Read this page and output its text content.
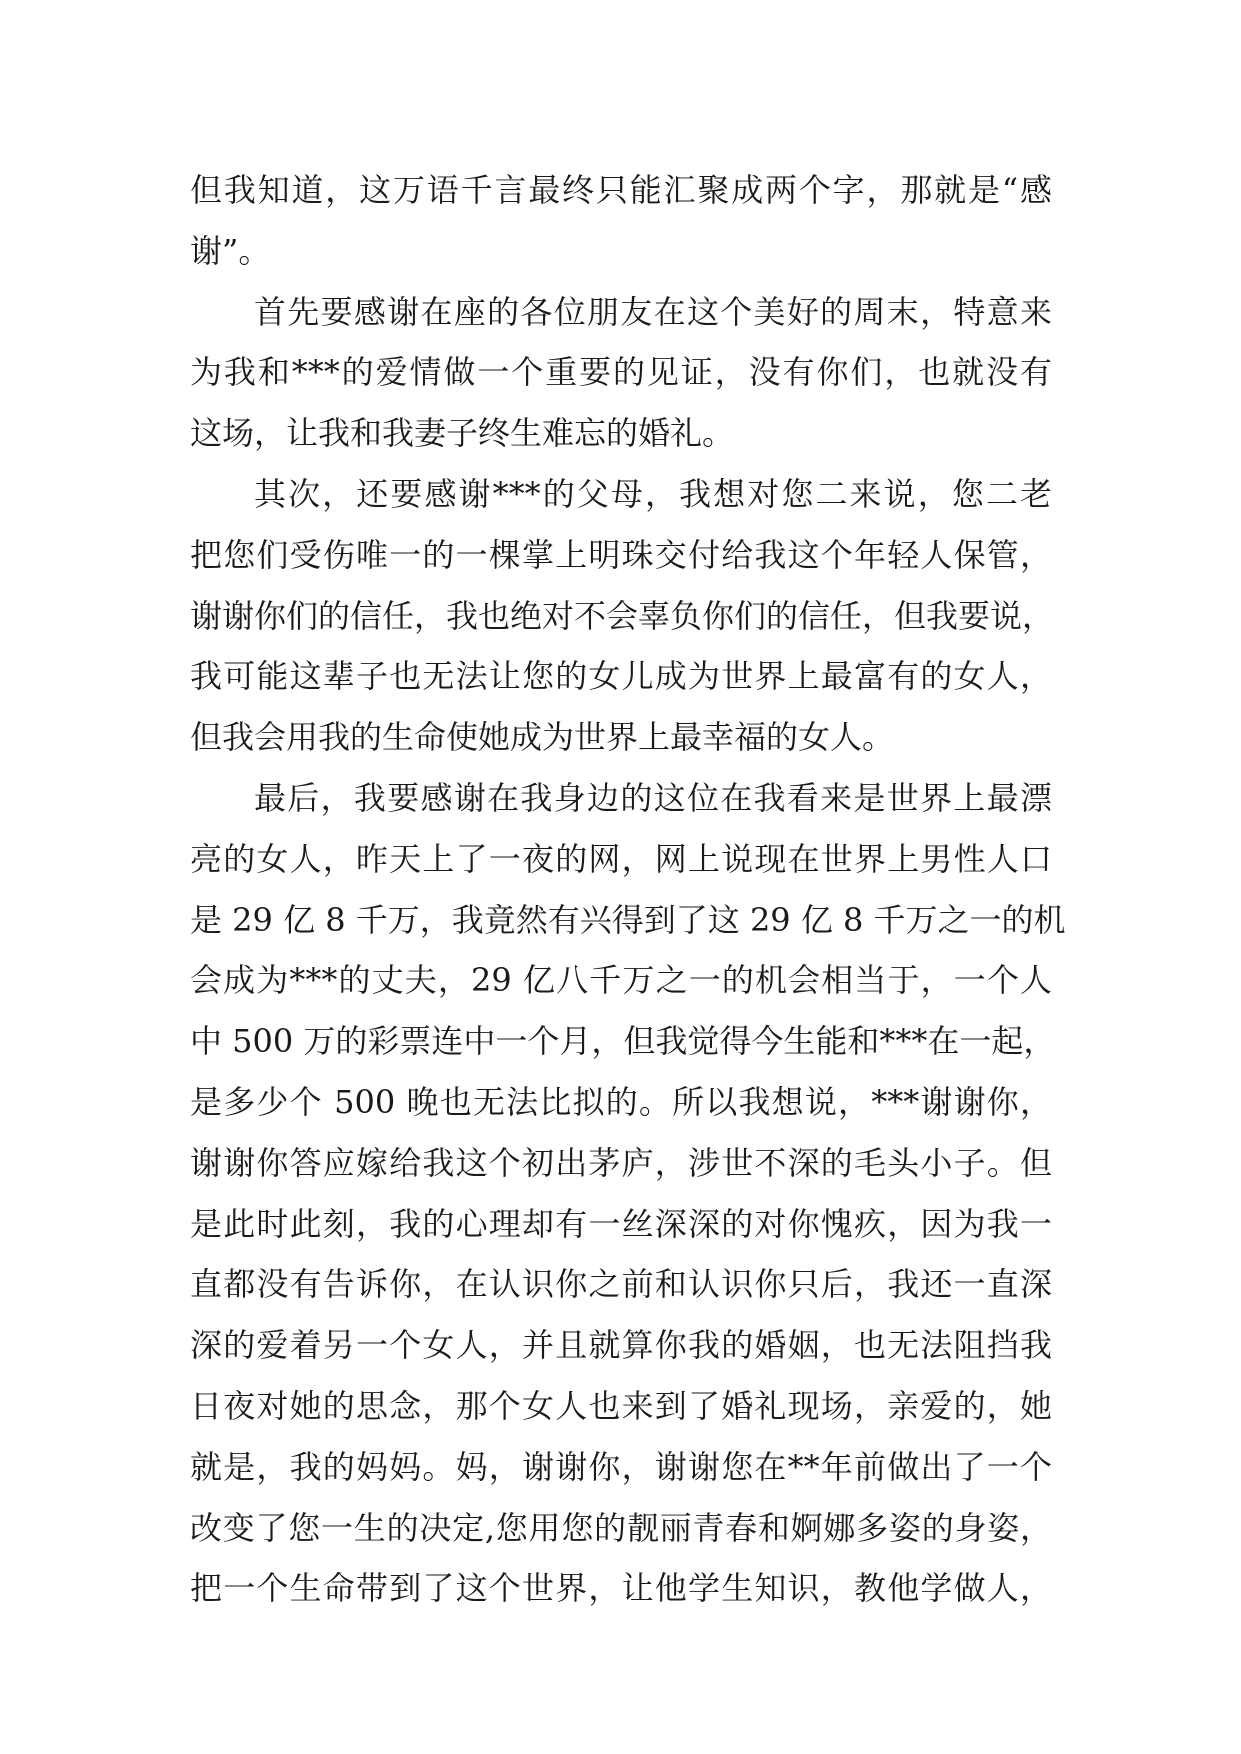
但我知道，这万语千言最终只能汇聚成两个字，那就是“感
谢”。
首先要感谢在座的各位朋友在这个美好的周末，特意来
为我和***的爱情做一个重要的见证，没有你们，也就没有
这场，让我和我妻子终生难忘的婚礼。
其次，还要感谢***的父母，我想对您二来说，您二老
把您们受伤唯一的一棵掌上明珠交付给我这个年轻人保管，
谢谢你们的信任，我也绝对不会辜负你们的信任，但我要说，
我可能这辈子也无法让您的女儿成为世界上最富有的女人，
但我会用我的生命使她成为世界上最幸福的女人。
最后，我要感谢在我身边的这位在我看来是世界上最漂
亮的女人，昨天上了一夜的网，网上说现在世界上男性人口
是 29 亿 8 千万，我竟然有兴得到了这 29 亿 8 千万之一的机
会成为***的丈夫，29 亿八千万之一的机会相当于，一个人
中 500 万的彩票连中一个月，但我觉得今生能和***在一起，
是多少个 500 晚也无法比拟的。所以我想说，***谢谢你，
谢谢你答应嫁给我这个初出茅庐，涉世不深的毛头小子。但
是此时此刻，我的心理却有一丝深深的对你愧疚，因为我一
直都没有告诉你，在认识你之前和认识你只后，我还一直深
深的爱着另一个女人，并且就算你我的婚姻，也无法阻挡我
日夜对她的思念，那个女人也来到了婚礼现场，亲爱的，她
就是，我的妈妈。妈，谢谢你，谢谢您在**年前做出了一个
改变了您一生的决定,您用您的靓丽青春和婀娜多姿的身姿，
把一个生命带到了这个世界，让他学生知识，教他学做人，
